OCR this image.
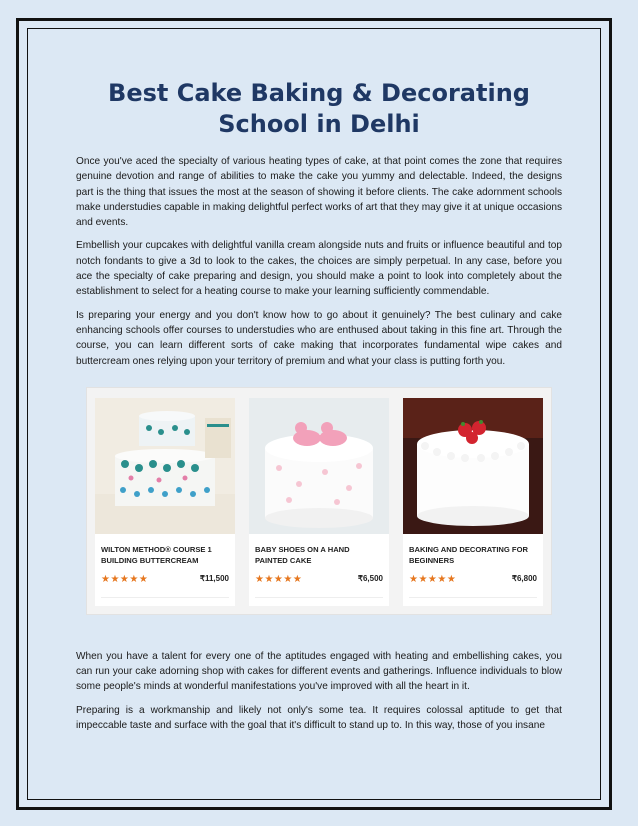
Best Cake Baking & Decorating School in Delhi

Once you've aced the specialty of various heating types of cake, at that point comes the zone that requires genuine devotion and range of abilities to make the cake you yummy and delectable. Indeed, the designs part is the thing that issues the most at the season of showing it before clients. The cake adornment schools make understudies capable in making delightful perfect works of art that they may give it at unique occasions and events.

Embellish your cupcakes with delightful vanilla cream alongside nuts and fruits or influence beautiful and top notch fondants to give a 3d to look to the cakes, the choices are simply perpetual. In any case, before you ace the specialty of cake preparing and design, you should make a point to look into completely about the establishment to select for a heating course to make your learning sufficiently commendable.

Is preparing your energy and you don't know how to go about it genuinely? The best culinary and cake enhancing schools offer courses to understudies who are enthused about taking in this fine art. Through the course, you can learn different sorts of cake making that incorporates fundamental wipe cakes and buttercream ones relying upon your territory of premium and what your class is putting forth you.

WILTON METHOD® COURSE 1 BUILDING BUTTERCREAM
★★★★★	₹11,500
BABY SHOES ON A HAND PAINTED CAKE
★★★★★	₹6,500
BAKING AND DECORATING FOR BEGINNERS
★★★★★	₹6,800

When you have a talent for every one of the aptitudes engaged with heating and embellishing cakes, you can run your cake adorning shop with cakes for different events and gatherings. Influence individuals to blow some people's minds at wonderful manifestations you've improved with all the heart in it.

Preparing is a workmanship and likely not only's some tea. It requires colossal aptitude to get that impeccable taste and surface with the goal that it's difficult to stand up to. In this way, those of you insane
